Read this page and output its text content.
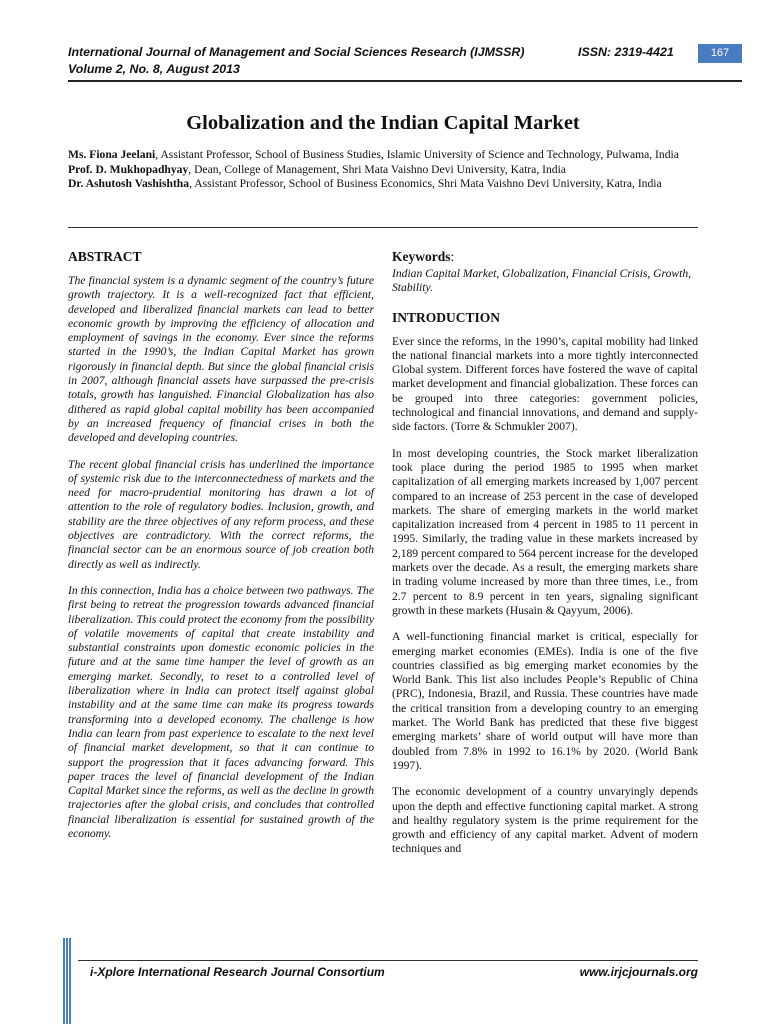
International Journal of Management and Social Sciences Research (IJMSSR)	ISSN: 2319-4421
Volume 2, No. 8, August 2013
167
Globalization and the Indian Capital Market

Ms. Fiona Jeelani, Assistant Professor, School of Business Studies, Islamic University of Science and Technology, Pulwama, India

Prof. D. Mukhopadhyay, Dean, College of Management, Shri Mata Vaishno Devi University, Katra, India

Dr. Ashutosh Vashishtha, Assistant Professor, School of Business Economics, Shri Mata Vaishno Devi University, Katra, India

ABSTRACT

The financial system is a dynamic segment of the country’s future growth trajectory. It is a well-recognized fact that efficient, developed and liberalized financial markets can lead to better economic growth by improving the efficiency of allocation and employment of savings in the economy. Ever since the reforms started in the 1990’s, the Indian Capital Market has grown rigorously in financial depth. But since the global financial crisis in 2007, although financial assets have surpassed the pre-crisis totals, growth has languished. Financial Globalization has also dithered as rapid global capital mobility has been accompanied by an increased frequency of financial crises in both the developed and developing countries.

The recent global financial crisis has underlined the importance of systemic risk due to the interconnectedness of markets and the need for macro-prudential monitoring has drawn a lot of attention to the role of regulatory bodies. Inclusion, growth, and stability are the three objectives of any reform process, and these objectives are contradictory. With the correct reforms, the financial sector can be an enormous source of job creation both directly as well as indirectly.

In this connection, India has a choice between two pathways. The first being to retreat the progression towards advanced financial liberalization. This could protect the economy from the possibility of volatile movements of capital that create instability and substantial constraints upon domestic economic policies in the future and at the same time hamper the level of growth as an emerging market. Secondly, to reset to a controlled level of liberalization where in India can protect itself against global instability and at the same time can make its progress towards transforming into a developed economy. The challenge is how India can learn from past experience to escalate to the next level of financial market development, so that it can continue to support the progression that it faces advancing forward. This paper traces the level of financial development of the Indian Capital Market since the reforms, as well as the decline in growth trajectories after the global crisis, and concludes that controlled financial liberalization is essential for sustained growth of the economy.

Keywords:

Indian Capital Market, Globalization, Financial Crisis, Growth, Stability.

INTRODUCTION

Ever since the reforms, in the 1990’s, capital mobility had linked the national financial markets into a more tightly interconnected Global system. Different forces have fostered the wave of capital market development and financial globalization. These forces can be grouped into three categories: government policies, technological and financial innovations, and demand and supply-side factors. (Torre & Schmukler 2007).

In most developing countries, the Stock market liberalization took place during the period 1985 to 1995 when market capitalization of all emerging markets increased by 1,007 percent compared to an increase of 253 percent in the case of developed markets. The share of emerging markets in the world market capitalization increased from 4 percent in 1985 to 11 percent in 1995. Similarly, the trading value in these markets increased by 2,189 percent compared to 564 percent increase for the developed markets over the decade. As a result, the emerging markets share in trading volume increased by more than three times, i.e., from 2.7 percent to 8.9 percent in ten years, signaling significant growth in these markets (Husain & Qayyum, 2006).

A well-functioning financial market is critical, especially for emerging market economies (EMEs). India is one of the five countries classified as big emerging market economies by the World Bank. This list also includes People’s Republic of China (PRC), Indonesia, Brazil, and Russia. These countries have made the critical transition from a developing country to an emerging market. The World Bank has predicted that these five biggest emerging markets’ share of world output will have more than doubled from 7.8% in 1992 to 16.1% by 2020. (World Bank 1997).

The economic development of a country unvaryingly depends upon the depth and effective functioning capital market. A strong and healthy regulatory system is the prime requirement for the growth and efficiency of any capital market. Advent of modern techniques and

i-Xplore International Research Journal Consortium	www.irjcjournals.org
